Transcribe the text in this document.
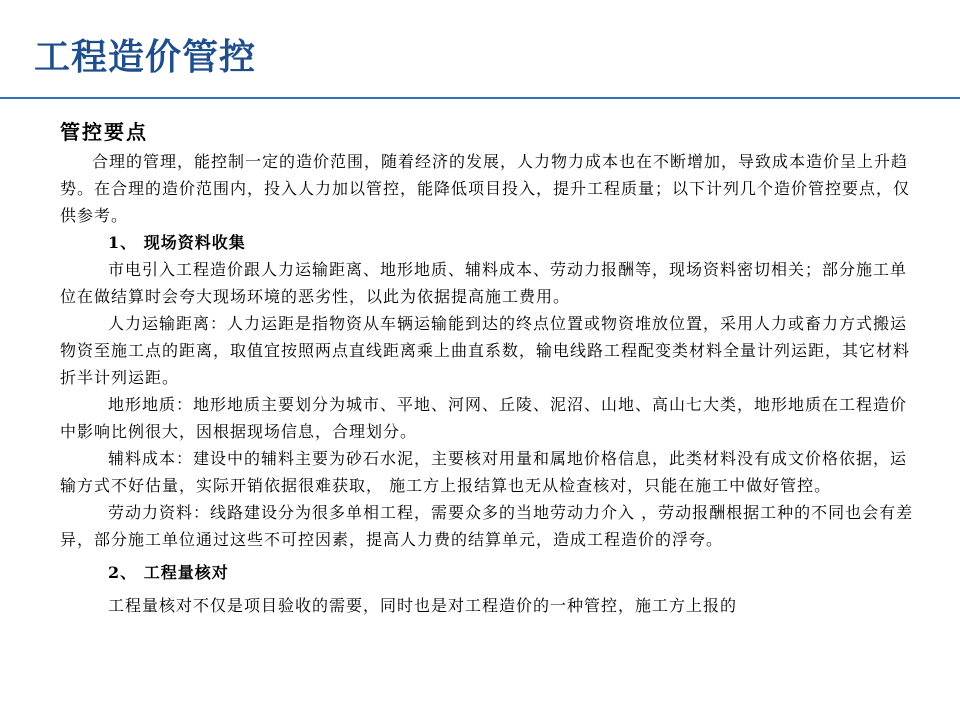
工程造价管控

管控要点

合理的管理，能控制一定的造价范围，随着经济的发展，人力物力成本也在不断增加，导致成本造价呈上升趋势。在合理的造价范围内，投入人力加以管控，能降低项目投入，提升工程质量；以下计列几个造价管控要点，仅供参考。

1、 现场资料收集

市电引入工程造价跟人力运输距离、地形地质、辅料成本、劳动力报酬等，现场资料密切相关；部分施工单位在做结算时会夸大现场环境的恶劣性，以此为依据提高施工费用。

人力运输距离：人力运距是指物资从车辆运输能到达的终点位置或物资堆放位置，采用人力或畜力方式搬运物资至施工点的距离，取值宜按照两点直线距离乘上曲直系数，输电线路工程配变类材料全量计列运距，其它材料折半计列运距。

地形地质：地形地质主要划分为城市、平地、河网、丘陵、泥沼、山地、高山七大类，地形地质在工程造价中影响比例很大，因根据现场信息，合理划分。

辅料成本：建设中的辅料主要为砂石水泥，主要核对用量和属地价格信息，此类材料没有成文价格依据，运输方式不好估量，实际开销依据很难获取， 施工方上报结算也无从检查核对，只能在施工中做好管控。

劳动力资料：线路建设分为很多单相工程，需要众多的当地劳动力介入 ，劳动报酬根据工种的不同也会有差异，部分施工单位通过这些不可控因素，提高人力费的结算单元，造成工程造价的浮夸。

2、 工程量核对

工程量核对不仅是项目验收的需要，同时也是对工程造价的一种管控，施工方上报的
